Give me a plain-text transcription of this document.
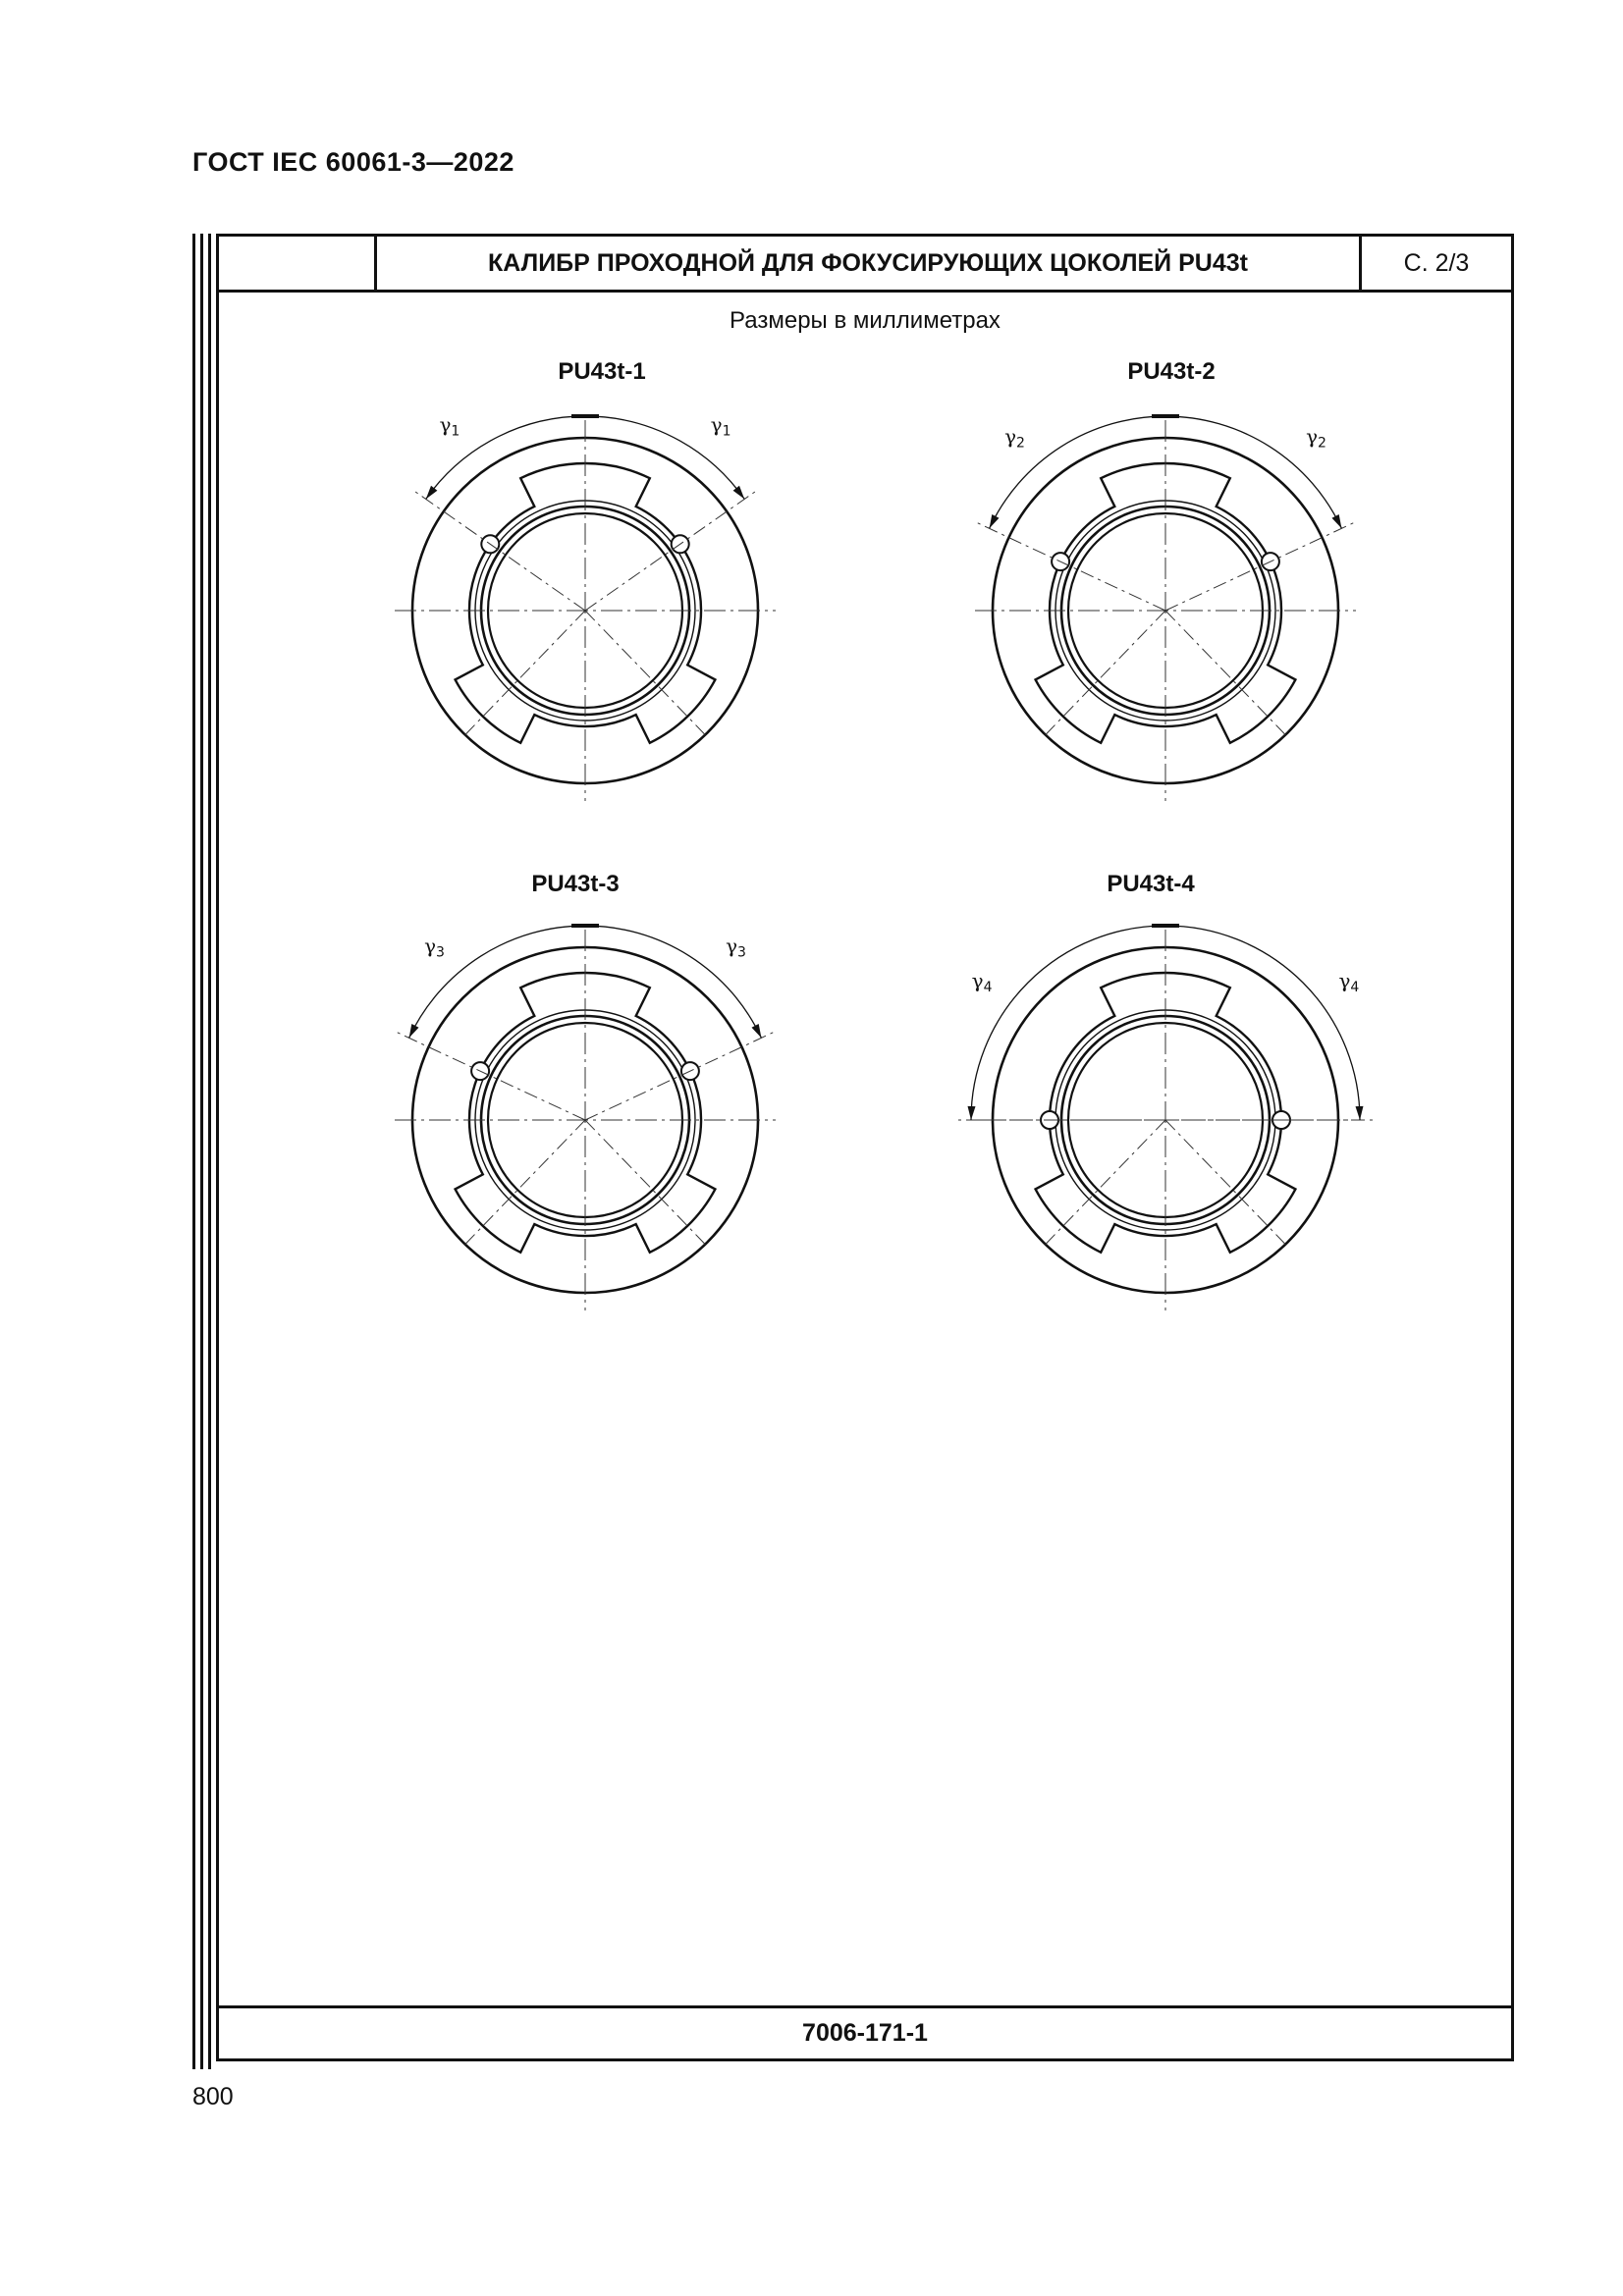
ГОСТ IEC 60061-3—2022
КАЛИБР ПРОХОДНОЙ ДЛЯ ФОКУСИРУЮЩИХ ЦОКОЛЕЙ PU43t	С. 2/3
Размеры в миллиметрах
PU43t-1	PU43t-2
PU43t-3	PU43t-4
7006-171-1
$\gamma_1$	$\gamma_1$	$\gamma_2$	$\gamma_2$
$\gamma_3$	$\gamma_3$
$\gamma_4$	$\gamma_4$
800
